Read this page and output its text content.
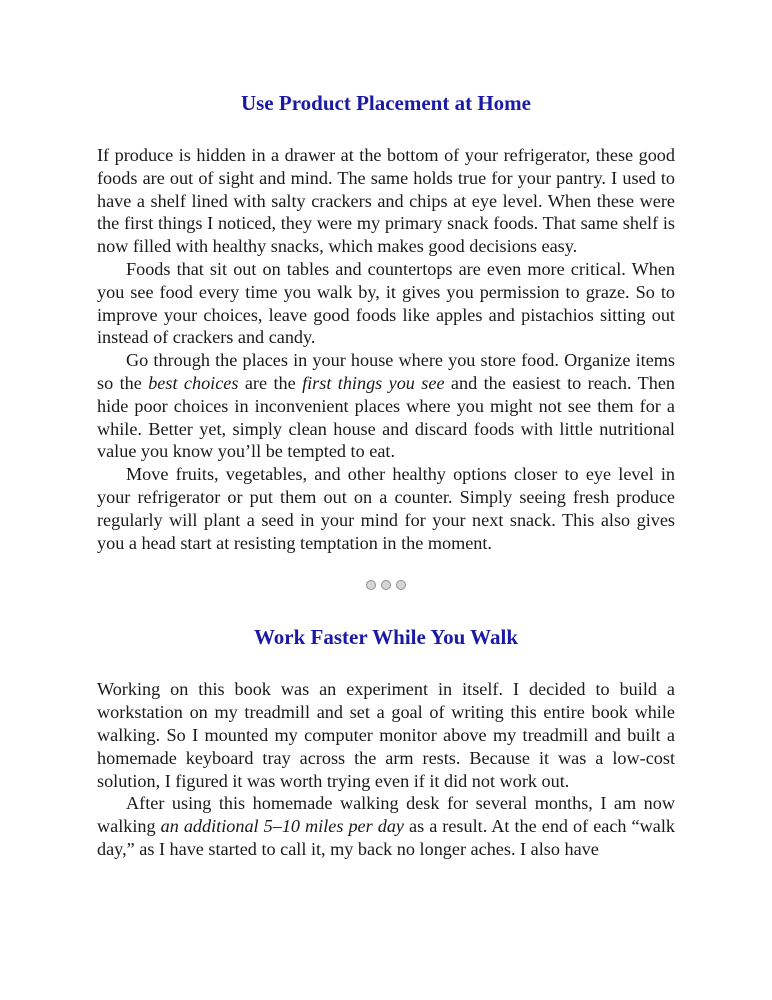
Use Product Placement at Home

If produce is hidden in a drawer at the bottom of your refrigerator, these good foods are out of sight and mind. The same holds true for your pantry. I used to have a shelf lined with salty crackers and chips at eye level. When these were the first things I noticed, they were my primary snack foods. That same shelf is now filled with healthy snacks, which makes good decisions easy.

Foods that sit out on tables and countertops are even more critical. When you see food every time you walk by, it gives you permission to graze. So to improve your choices, leave good foods like apples and pistachios sitting out instead of crackers and candy.

Go through the places in your house where you store food. Organize items so the best choices are the first things you see and the easiest to reach. Then hide poor choices in inconvenient places where you might not see them for a while. Better yet, simply clean house and discard foods with little nutritional value you know you’ll be tempted to eat.

Move fruits, vegetables, and other healthy options closer to eye level in your refrigerator or put them out on a counter. Simply seeing fresh produce regularly will plant a seed in your mind for your next snack. This also gives you a head start at resisting temptation in the moment.

Work Faster While You Walk

Working on this book was an experiment in itself. I decided to build a workstation on my treadmill and set a goal of writing this entire book while walking. So I mounted my computer monitor above my treadmill and built a homemade keyboard tray across the arm rests. Because it was a low-cost solution, I figured it was worth trying even if it did not work out.

After using this homemade walking desk for several months, I am now walking an additional 5–10 miles per day as a result. At the end of each “walk day,” as I have started to call it, my back no longer aches. I also have
